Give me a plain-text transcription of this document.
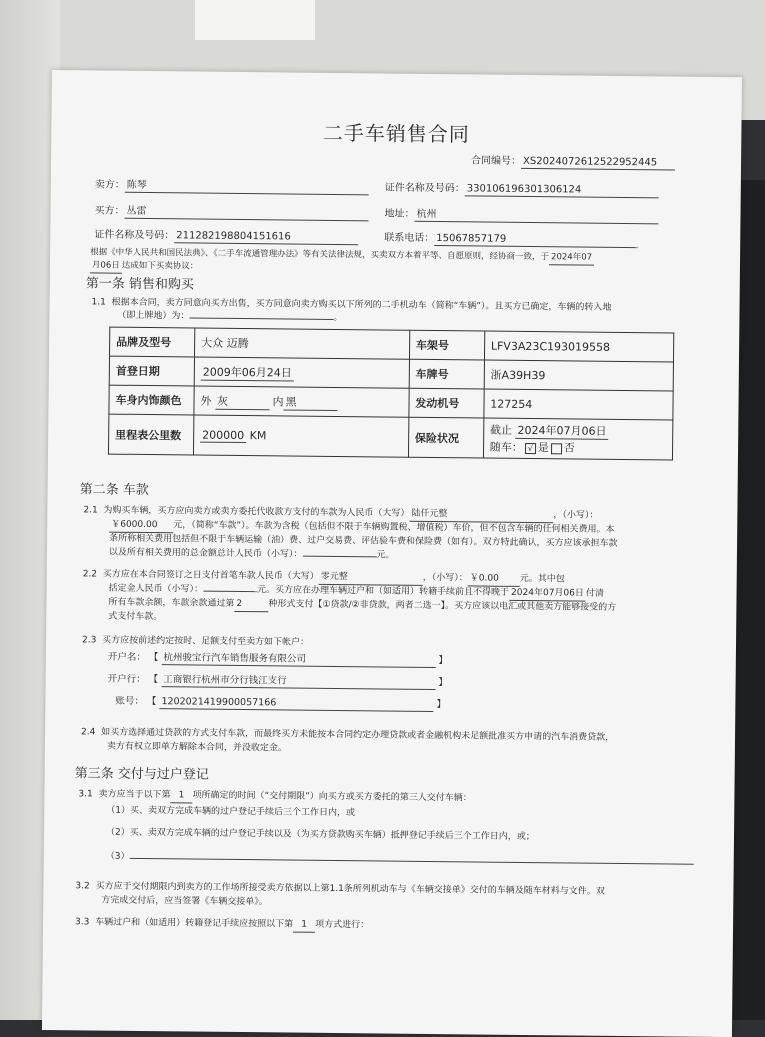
二手车销售合同
合同编号： XS2024072612522952445
卖方： 陈琴	证件名称及号码： 330106196301306124
买方： 丛雷	地址： 杭州
证件名称及号码： 211282198804151616	联系电话： 15067857179
根据《中华人民共和国民法典》、《二手车流通管理办法》等有关法律法规，买卖双方本着平等、自愿原则，经协商一致，于 2024年07
月06日 达成如下买卖协议：
第一条 销售和购买
1.1 根据本合同，卖方同意向买方出售，买方同意向卖方购买以下所列的二手机动车（简称“车辆”）。且买方已确定，车辆的转入地
（即上牌地）为：	。
品牌及型号	大众 迈腾	车架号	LFV3A23C193019558
首登日期	2009年06月24日	车牌号	浙A39H39
车身内饰颜色	外 灰 内 黑	发动机号	127254
里程表公里数	200000 KM	保险状况	截止 2024年07月06日
随车： √ 是 否
第二条 车款
2.1 为购买车辆，买方应向卖方或卖方委托代收款方支付的车款为人民币（大写） 陆仟元整	，（小写）：
￥6000.00 元，（简称“车款”）。车款为含税（包括但不限于车辆购置税、增值税）车价，但不包含车辆的任何相关费用。本
条所称相关费用包括但不限于车辆运输（油）费、过户交易费、评估验车费和保险费（如有）。双方特此确认，买方应该承担车款
以及所有相关费用的总金额总计人民币（小写）：	元。
2.2 买方应在本合同签订之日支付首笔车款人民币（大写） 零元整	，（小写）： ￥0.00 元。其中包
括定金人民币（小写）：	元。买方应在办理车辆过户和（如适用）转籍手续前且不得晚于 2024年07月06日 付清
所有车款余额，车款余款通过第 2	种形式支付【①贷款/②非贷款，两者二选一】。买方应该以电汇或其他卖方能够接受的方
式支付车款。
2.3 买方应按前述约定按时、足额支付至卖方如下帐户：
开户名： 【 杭州骏宝行汽车销售服务有限公司	】
开户行： 【 工商银行杭州市分行钱江支行	】
账号： 【 1202021419900057166	】
2.4 如买方选择通过贷款的方式支付车款，而最终买方未能按本合同约定办理贷款或者金融机构未足额批准买方申请的汽车消费贷款，
卖方有权立即单方解除本合同，并没收定金。
第三条 交付与过户登记
3.1 卖方应当于以下第 1 项所确定的时间（“交付期限”）向买方或买方委托的第三人交付车辆：
（1）买、卖双方完成车辆的过户登记手续后三个工作日内，或
（2）买、卖双方完成车辆的过户登记手续以及（为买方贷款购买车辆）抵押登记手续后三个工作日内，或；
（3）
3.2 买方应于交付期限内到卖方的工作场所接受卖方依据以上第1.1条所列机动车与《车辆交接单》交付的车辆及随车材料与文件。双
方完成交付后，应当签署《车辆交接单》。
3.3 车辆过户和（如适用）转籍登记手续应按照以下第 1 项方式进行：
